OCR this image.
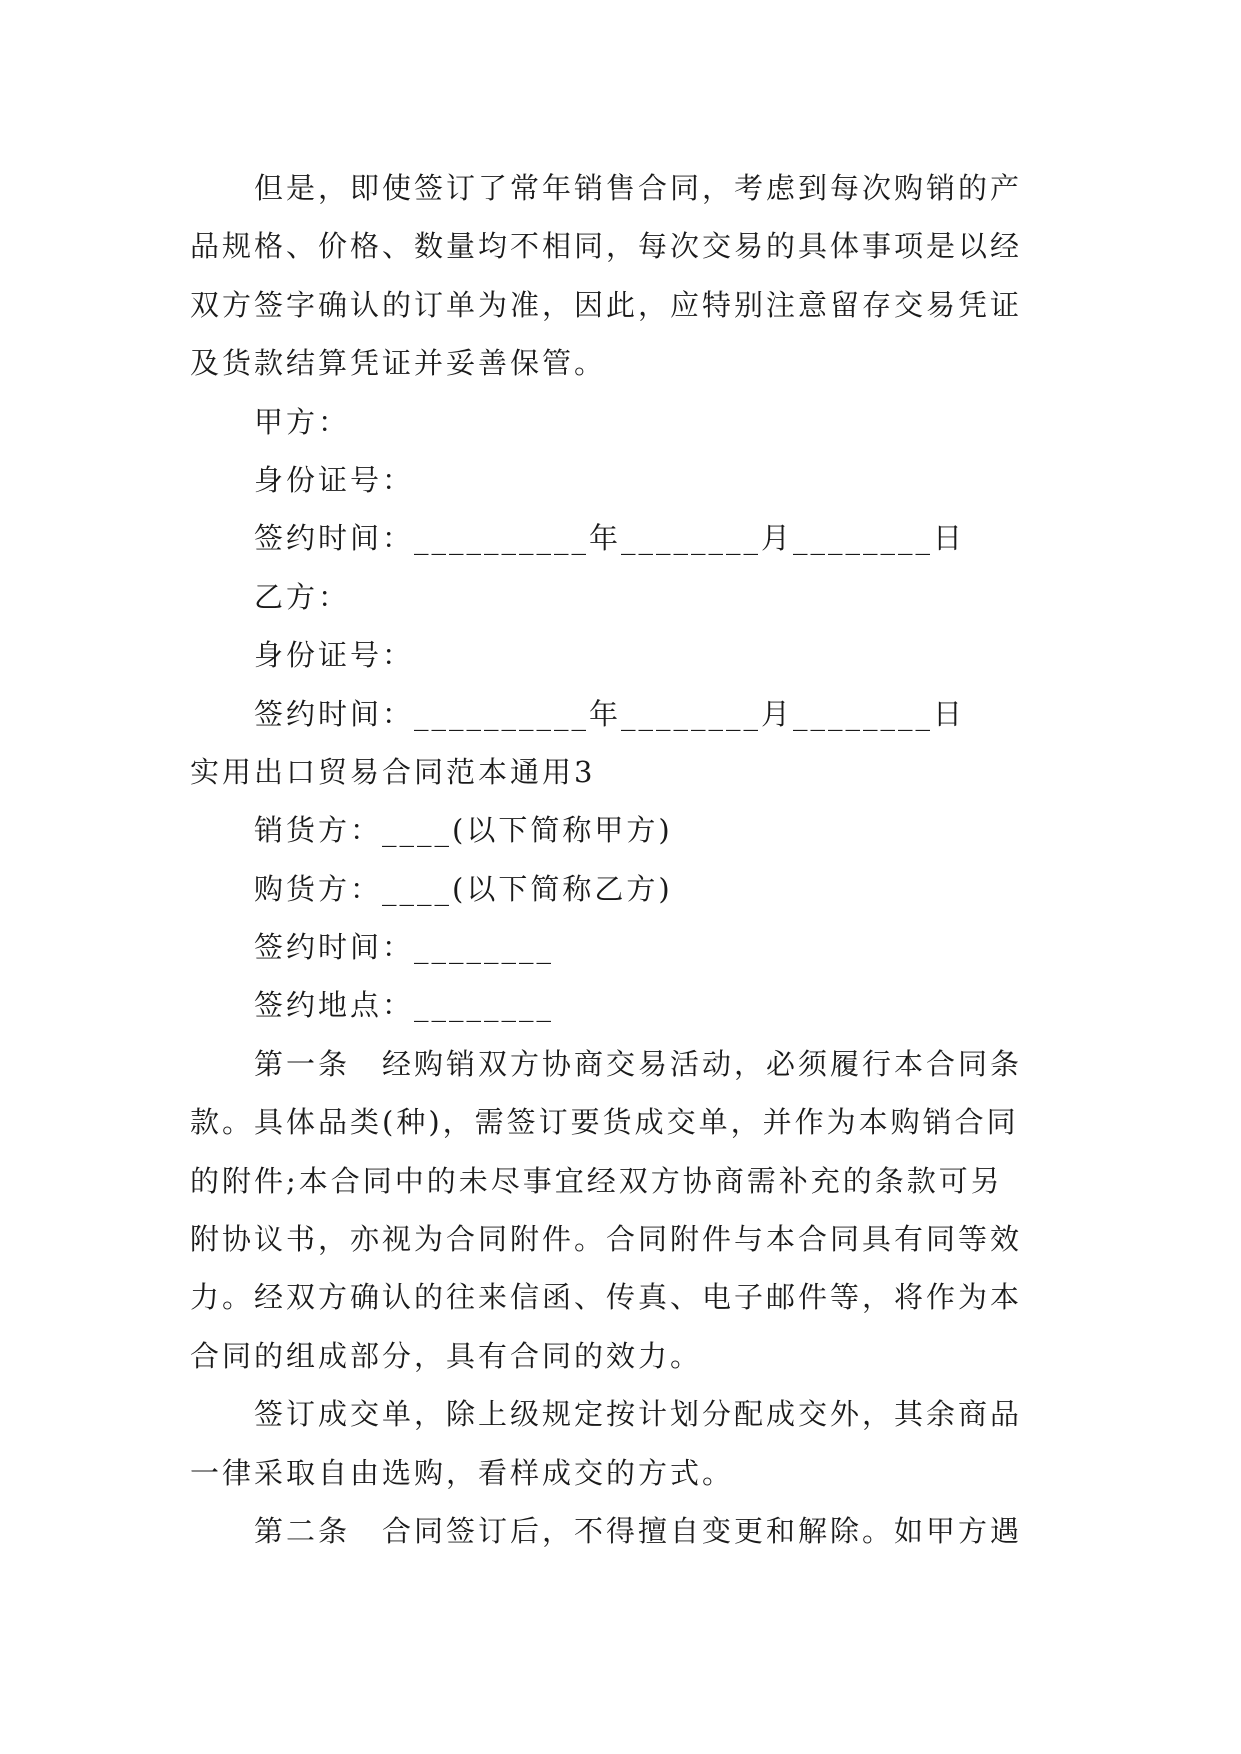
但是，即使签订了常年销售合同，考虑到每次购销的产
品规格、价格、数量均不相同，每次交易的具体事项是以经
双方签字确认的订单为准，因此，应特别注意留存交易凭证
及货款结算凭证并妥善保管。
甲方：
身份证号：
签约时间：__________年________月________日
乙方：
身份证号：
签约时间：__________年________月________日
实用出口贸易合同范本通用3
销货方：____(以下简称甲方)
购货方：____(以下简称乙方)
签约时间：________
签约地点：________
第一条　经购销双方协商交易活动，必须履行本合同条
款。具体品类(种)，需签订要货成交单，并作为本购销合同
的附件;本合同中的未尽事宜经双方协商需补充的条款可另
附协议书，亦视为合同附件。合同附件与本合同具有同等效
力。经双方确认的往来信函、传真、电子邮件等，将作为本
合同的组成部分，具有合同的效力。
签订成交单，除上级规定按计划分配成交外，其余商品
一律采取自由选购，看样成交的方式。
第二条　合同签订后，不得擅自变更和解除。如甲方遇
